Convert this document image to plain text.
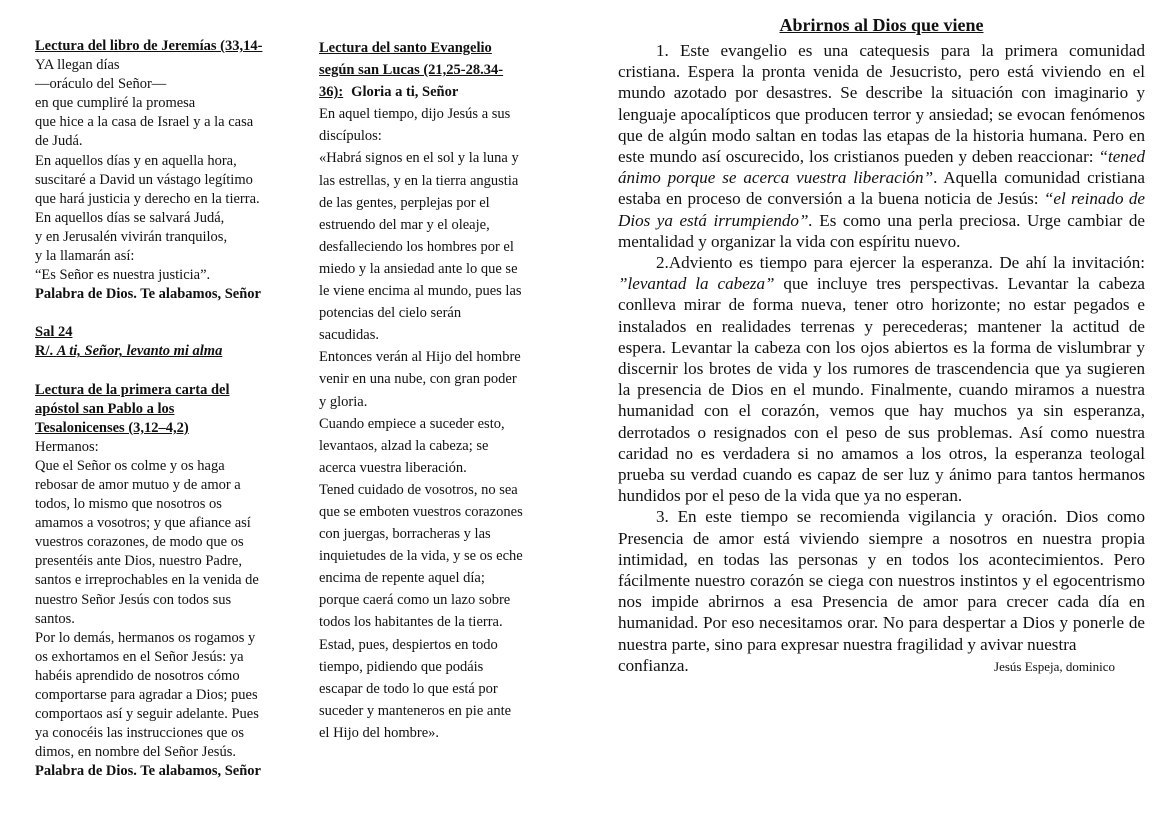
Lectura del libro de Jeremías (33,14-
YA llegan días
—oráculo del Señor—
en que cumpliré la promesa
que hice a la casa de Israel y a la casa
de Judá.
En aquellos días y en aquella hora,
suscitaré a David un vástago legítimo
que hará justicia y derecho en la tierra.
En aquellos días se salvará Judá,
y en Jerusalén vivirán tranquilos,
y la llamarán así:
“Es Señor es nuestra justicia”.
Palabra de Dios. Te alabamos, Señor
Sal 24
R/. A ti, Señor, levanto mi alma
Lectura de la primera carta del
apóstol san Pablo a los
Tesalonicenses (3,12–4,2)
Hermanos:
Que el Señor os colme y os haga
rebosar de amor mutuo y de amor a
todos, lo mismo que nosotros os
amamos a vosotros; y que afiance así
vuestros corazones, de modo que os
presentéis ante Dios, nuestro Padre,
santos e irreprochables en la venida de
nuestro Señor Jesús con todos sus
santos.
Por lo demás, hermanos os rogamos y
os exhortamos en el Señor Jesús: ya
habéis aprendido de nosotros cómo
comportarse para agradar a Dios; pues
comportaos así y seguir adelante. Pues
ya conocéis las instrucciones que os
dimos, en nombre del Señor Jesús.
Palabra de Dios. Te alabamos, Señor
Lectura del santo Evangelio
según san Lucas (21,25-28.34-
36): Gloria a ti, Señor
En aquel tiempo, dijo Jesús a sus
discípulos:
«Habrá signos en el sol y la luna y
las estrellas, y en la tierra angustia
de las gentes, perplejas por el
estruendo del mar y el oleaje,
desfalleciendo los hombres por el
miedo y la ansiedad ante lo que se
le viene encima al mundo, pues las
potencias del cielo serán
sacudidas.
Entonces verán al Hijo del hombre
venir en una nube, con gran poder
y gloria.
Cuando empiece a suceder esto,
levantaos, alzad la cabeza; se
acerca vuestra liberación.
Tened cuidado de vosotros, no sea
que se emboten vuestros corazones
con juergas, borracheras y las
inquietudes de la vida, y se os eche
encima de repente aquel día;
porque caerá como un lazo sobre
todos los habitantes de la tierra.
Estad, pues, despiertos en todo
tiempo, pidiendo que podáis
escapar de todo lo que está por
suceder y manteneros en pie ante
el Hijo del hombre».
Abrirnos al Dios que viene

1. Este evangelio es una catequesis para la primera comunidad cristiana. Espera la pronta venida de Jesucristo, pero está viviendo en el mundo azotado por desastres. Se describe la situación con imaginario y lenguaje apocalípticos que producen terror y ansiedad; se evocan fenómenos que de algún modo saltan en todas las etapas de la historia humana. Pero en este mundo así oscurecido, los cristianos pueden y deben reaccionar: “tened ánimo porque se acerca vuestra liberación”. Aquella comunidad cristiana estaba en proceso de conversión a la buena noticia de Jesús: “el reinado de Dios ya está irrumpiendo”. Es como una perla preciosa. Urge cambiar de mentalidad y organizar la vida con espíritu nuevo.

2.Adviento es tiempo para ejercer la esperanza. De ahí la invitación: ”levantad la cabeza” que incluye tres perspectivas. Levantar la cabeza conlleva mirar de forma nueva, tener otro horizonte; no estar pegados e instalados en realidades terrenas y perecederas; mantener la actitud de espera. Levantar la cabeza con los ojos abiertos es la forma de vislumbrar y discernir los brotes de vida y los rumores de trascendencia que ya sugieren la presencia de Dios en el mundo. Finalmente, cuando miramos a nuestra humanidad con el corazón, vemos que hay muchos ya sin esperanza, derrotados o resignados con el peso de sus problemas. Así como nuestra caridad no es verdadera si no amamos a los otros, la esperanza teologal prueba su verdad cuando es capaz de ser luz y ánimo para tantos hermanos hundidos por el peso de la vida que ya no esperan.

3. En este tiempo se recomienda vigilancia y oración. Dios como Presencia de amor está viviendo siempre a nosotros en nuestra propia intimidad, en todas las personas y en todos los acontecimientos. Pero fácilmente nuestro corazón se ciega con nuestros instintos y el egocentrismo nos impide abrirnos a esa Presencia de amor para crecer cada día en humanidad. Por eso necesitamos orar. No para despertar a Dios y ponerle de nuestra parte, sino para expresar nuestra fragilidad y avivar nuestra

confianza.	Jesús Espeja, dominico
